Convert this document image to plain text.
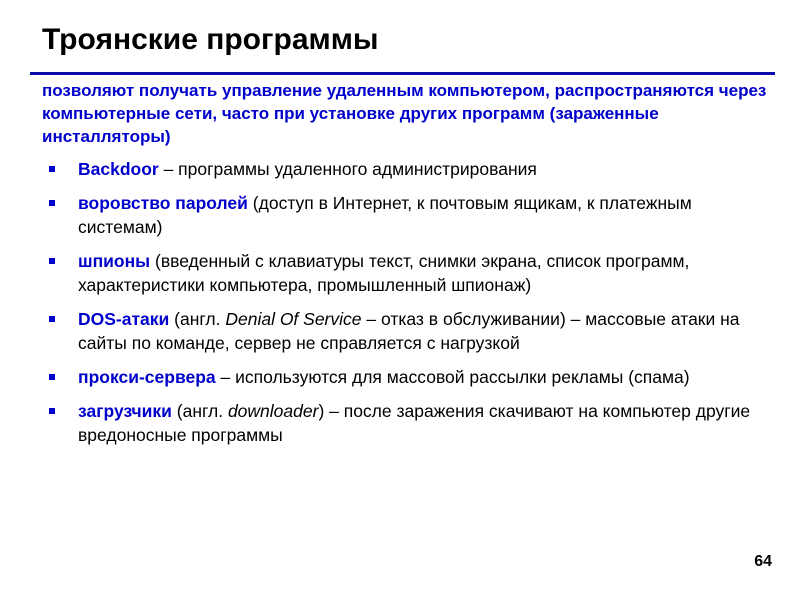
Троянские программы

позволяют получать управление удаленным компьютером, распространяются через компьютерные сети, часто при установке других программ (зараженные инсталляторы)

Backdoor – программы удаленного администрирования
воровство паролей (доступ в Интернет, к почтовым ящикам, к платежным системам)
шпионы (введенный с клавиатуры текст, снимки экрана, список программ, характеристики компьютера, промышленный шпионаж)
DOS-атаки (англ. Denial Of Service – отказ в обслуживании) – массовые атаки на сайты по команде, сервер не справляется с нагрузкой
прокси-сервера – используются для массовой рассылки рекламы (спама)
загрузчики (англ. downloader) – после заражения скачивают на компьютер другие вредоносные программы
64
